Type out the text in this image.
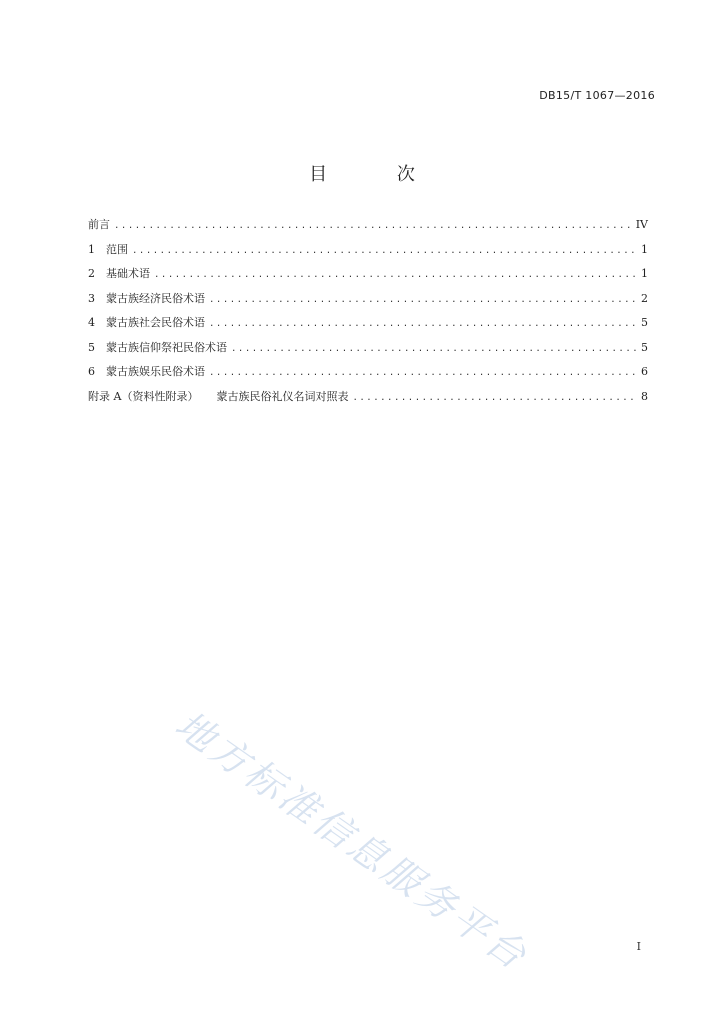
DB15/T 1067—2016
目 次
前言 .....	IV
1	范围 .....	1
2	基础术语 .....	1
3	蒙古族经济民俗术语 .....	2
4	蒙古族社会民俗术语 .....	5
5	蒙古族信仰祭祀民俗术语 .....	5
6	蒙古族娱乐民俗术语 .....	6
附录 A（资料性附录） 蒙古族民俗礼仪名词对照表 .....	8
地方标准信息服务平台	I
